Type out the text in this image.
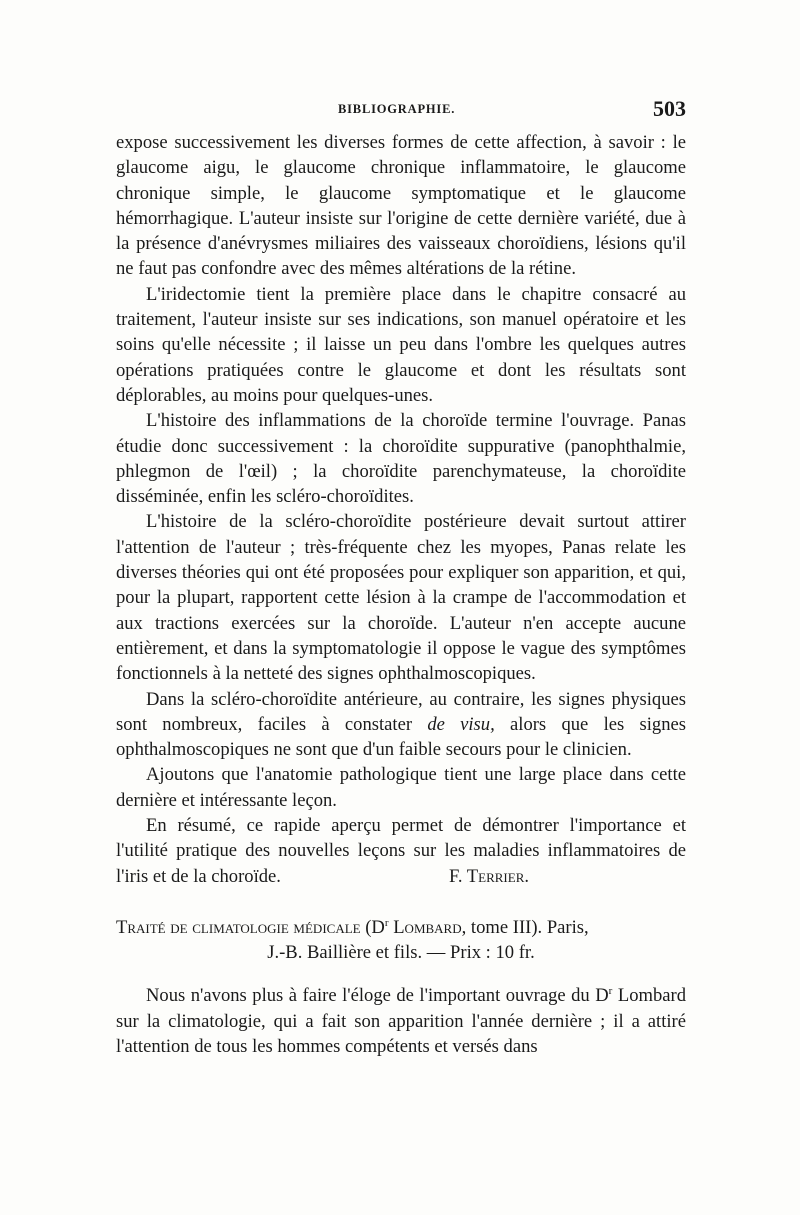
BIBLIOGRAPHIE.	503

expose successivement les diverses formes de cette affection, à savoir : le glaucome aigu, le glaucome chronique inflammatoire, le glaucome chronique simple, le glaucome symptomatique et le glaucome hémorrhagique. L'auteur insiste sur l'origine de cette dernière variété, due à la présence d'anévrysmes miliaires des vaisseaux choroïdiens, lésions qu'il ne faut pas confondre avec des mêmes altérations de la rétine.

L'iridectomie tient la première place dans le chapitre consacré au traitement, l'auteur insiste sur ses indications, son manuel opératoire et les soins qu'elle nécessite ; il laisse un peu dans l'ombre les quelques autres opérations pratiquées contre le glaucome et dont les résultats sont déplorables, au moins pour quelques-unes.

L'histoire des inflammations de la choroïde termine l'ouvrage. Panas étudie donc successivement : la choroïdite suppurative (panophthalmie, phlegmon de l'œil) ; la choroïdite parenchymateuse, la choroïdite disséminée, enfin les scléro-choroïdites.

L'histoire de la scléro-choroïdite postérieure devait surtout attirer l'attention de l'auteur ; très-fréquente chez les myopes, Panas relate les diverses théories qui ont été proposées pour expliquer son apparition, et qui, pour la plupart, rapportent cette lésion à la crampe de l'accommodation et aux tractions exercées sur la choroïde. L'auteur n'en accepte aucune entièrement, et dans la symptomatologie il oppose le vague des symptômes fonctionnels à la netteté des signes ophthalmoscopiques.

Dans la scléro-choroïdite antérieure, au contraire, les signes physiques sont nombreux, faciles à constater de visu, alors que les signes ophthalmoscopiques ne sont que d'un faible secours pour le clinicien.

Ajoutons que l'anatomie pathologique tient une large place dans cette dernière et intéressante leçon.

En résumé, ce rapide aperçu permet de démontrer l'importance et l'utilité pratique des nouvelles leçons sur les maladies inflammatoires de l'iris et de la choroïde.	F. Terrier.

Traité de climatologie médicale ($D^r$ Lombard, tome III). Paris,
J.-B. Baillière et fils. — Prix : 10 fr.

Nous n'avons plus à faire l'éloge de l'important ouvrage du $D^r$ Lombard sur la climatologie, qui a fait son apparition l'année dernière ; il a attiré l'attention de tous les hommes compétents et versés dans
